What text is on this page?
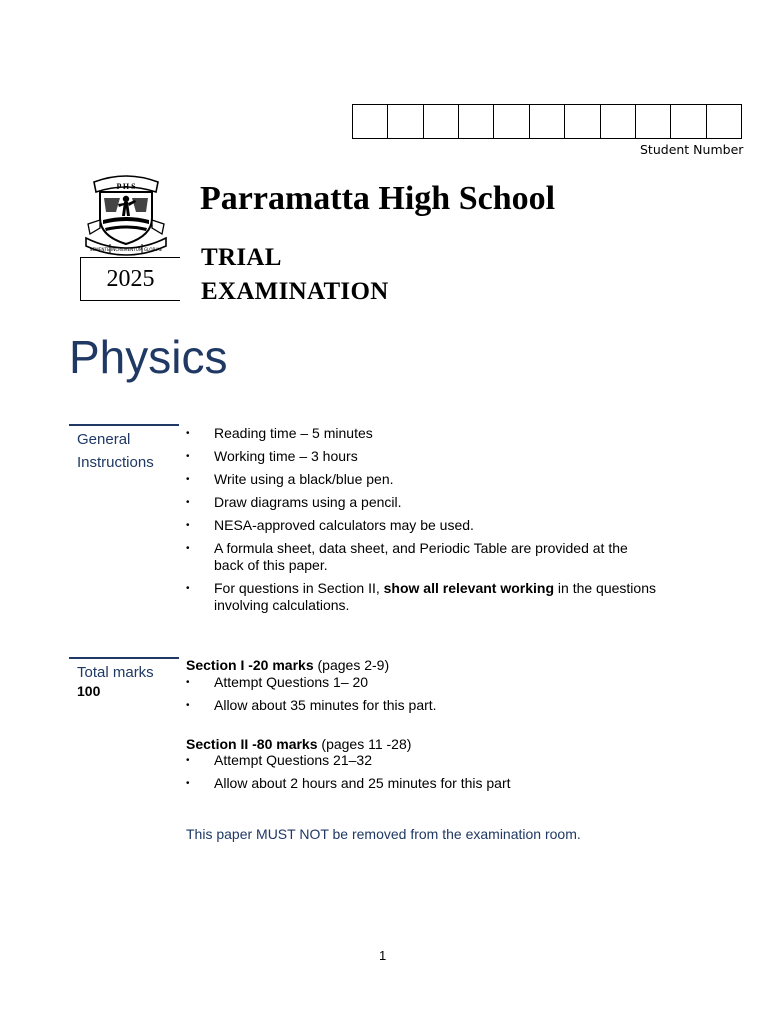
Student Number
P H S
SEMENTE INCREMENTUM GLORIAE
2025
Parramatta High School
TRIAL
EXAMINATION
Physics
General
Instructions
• Reading time – 5 minutes
• Working time – 3 hours
• Write using a black/blue pen.
• Draw diagrams using a pencil.
• NESA-approved calculators may be used.
• A formula sheet, data sheet, and Periodic Table are provided at the back of this paper.
• For questions in Section II, show all relevant working in the questions involving calculations.
Total marks
100
Section I -20 marks (pages 2-9)
• Attempt Questions 1– 20
• Allow about 35 minutes for this part.
Section II -80 marks (pages 11 -28)
• Attempt Questions 21–32
• Allow about 2 hours and 25 minutes for this part
This paper MUST NOT be removed from the examination room.
1
